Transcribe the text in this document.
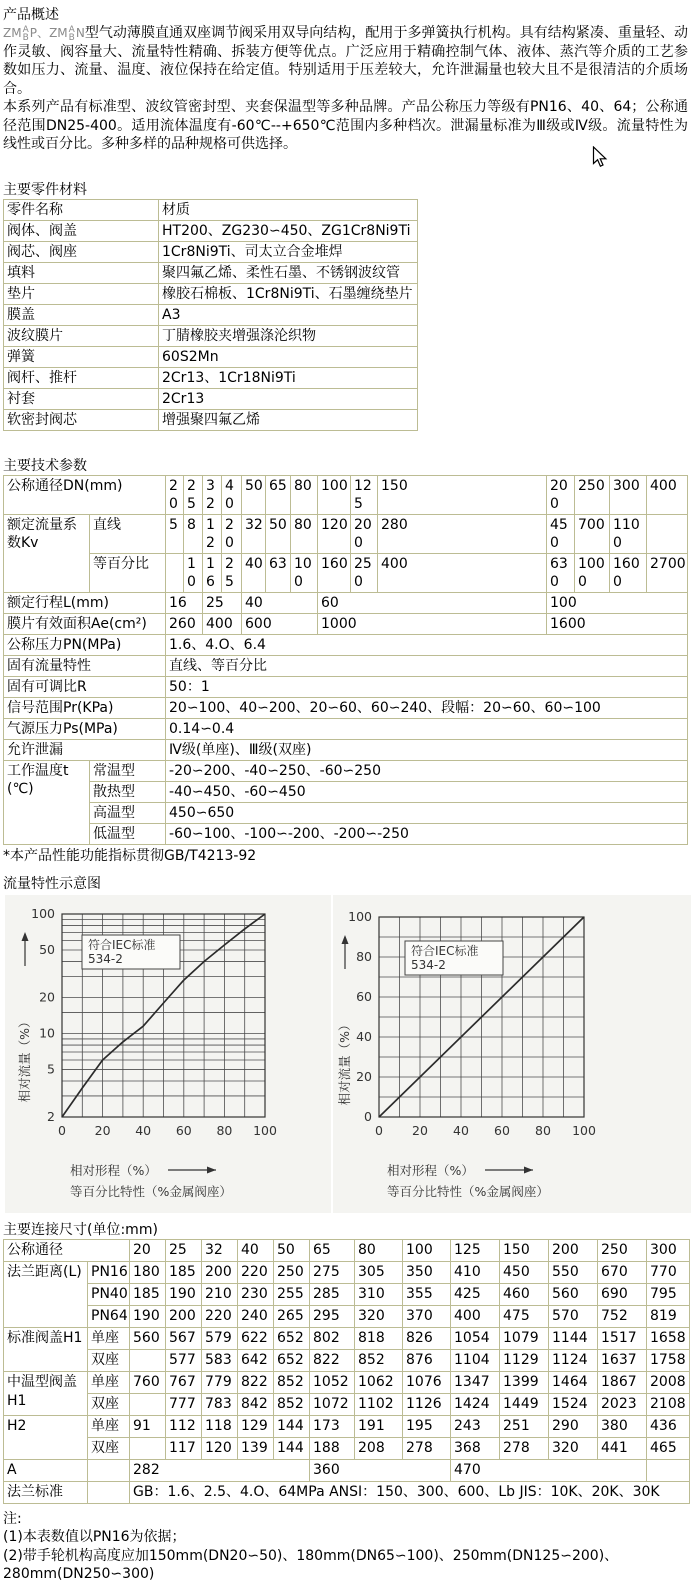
产品概述

ZM A
B P、ZM A
B N型气动薄膜直通双座调节阀采用双导向结构，配用于多弹簧执行机构。具有结构紧凑、重量轻、动作灵敏、阀容量大、流量特性精确、拆装方便等优点。广泛应用于精确控制气体、液体、蒸汽等介质的工艺参数如压力、流量、温度、液位保持在给定值。特别适用于压差较大，允许泄漏量也较大且不是很清洁的介质场合。

本系列产品有标准型、波纹管密封型、夹套保温型等多种品牌。产品公称压力等级有PN16、40、64；公称通径范围DN25-400。适用流体温度有-60℃--+650℃范围内多种档次。泄漏量标准为Ⅲ级或Ⅳ级。流量特性为线性或百分比。多种多样的品种规格可供选择。

主要零件材料
零件名称	材质
阀体、阀盖	HT200、ZG230∽450、ZG1Cr8Ni9Ti
阀芯、阀座	1Cr8Ni9Ti、司太立合金堆焊
填料	聚四氟乙烯、柔性石墨、不锈钢波纹管
垫片	橡胶石棉板、1Cr8Ni9Ti、石墨缠绕垫片
膜盖	A3
波纹膜片	丁腈橡胶夹增强涤沦织物
弹簧	60S2Mn
阀杆、推杆	2Cr13、1Cr18Ni9Ti
衬套	2Cr13
软密封阀芯	增强聚四氟乙烯
主要技术参数
公称通径DN(mm)		20	25	32	40	50	65	80	100	125	150	200	250	300	400
额定流量系数Kv	直线	5	8	12	20	32	50	80	120	200	280	450	700	1100	
	等百分比		10	16	25	40	63	100	160	250	400	630	1000	1600	2700
额定行程L(mm)		16		25		40			60			100			
膜片有效面积Ae(cm²)		260		400		600			1000			1600			
公称压力PN(MPa)		1.6、4.O、6.4													
固有流量特性		直线、等百分比													
固有可调比R		50：1													
信号范围Pr(KPa)		20∽100、40∽200、20∽60、60∽240、段幅：20∽60、60∽100													
气源压力Ps(MPa)		0.14∽0.4													
允许泄漏		Ⅳ级(单座)、Ⅲ级(双座)													
工作温度t(℃)	常温型	-20∽200、-40∽250、-60∽250													
	散热型	-40∽450、-60∽450													
	高温型	450∽650													
	低温型	-60∽100、-100∽-200、-200∽-250													
*本产品性能功能指标贯彻GB/T4213-92
流量特性示意图
符合IEC标准
534-2
2
5
10
20
50
100
0 20 40 60 80 100
相对流量（%）
相对形程（%）
等百分比特性（%金属阀座）
符合IEC标准
534-2
0
20
40
60
80
100
0 20 40 60 80 100
相对流量（%）
相对形程（%）
等百分比特性（%金属阀座）
主要连接尺寸(单位:mm)
公称通径		20	25	32	40	50	65	80	100	125	150	200	250	300
法兰距离(L)	PN16	180	185	200	220	250	275	305	350	410	450	550	670	770
	PN40	185	190	210	230	255	285	310	355	425	460	560	690	795
	PN64	190	200	220	240	265	295	320	370	400	475	570	752	819
标准阀盖H1	单座	560	567	579	622	652	802	818	826	1054	1079	1144	1517	1658
	双座		577	583	642	652	822	852	876	1104	1129	1124	1637	1758
中温型阀盖H1	单座	760	767	779	822	852	1052	1062	1076	1347	1399	1464	1867	2008
	双座		777	783	842	852	1072	1102	1126	1424	1449	1524	2023	2108
H2	单座	91	112	118	129	144	173	191	195	243	251	290	380	436
	双座		117	120	139	144	188	208	278	368	278	320	441	465
A		282					360			470				
法兰标准		GB：1.6、2.5、4.O、64MPa ANSI：150、300、600、Lb JIS：10K、20K、30K												
注:
(1)本表数值以PN16为依据；
(2)带手轮机构高度应加150mm(DN20∽50)、180mm(DN65∽100)、250mm(DN125∽200)、280mm(DN250∽300)
